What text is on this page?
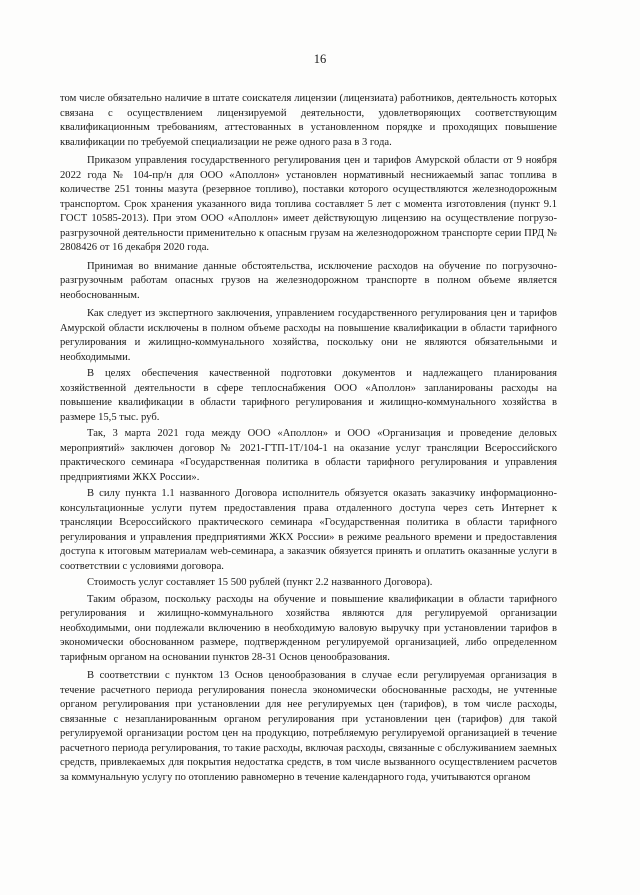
16

том числе обязательно наличие в штате соискателя лицензии (лицензиата) работников, деятельность которых связана с осуществлением лицензируемой деятельности, удовлетворяющих соответствующим квалификационным требованиям, аттестованных в установленном порядке и проходящих повышение квалификации по требуемой специализации не реже одного раза в 3 года.

Приказом управления государственного регулирования цен и тарифов Амурской области от 9 ноября 2022 года № 104-пр/н для ООО «Аполлон» установлен нормативный неснижаемый запас топлива в количестве 251 тонны мазута (резервное топливо), поставки которого осуществляются железнодорожным транспортом. Срок хранения указанного вида топлива составляет 5 лет с момента изготовления (пункт 9.1 ГОСТ 10585-2013). При этом ООО «Аполлон» имеет действующую лицензию на осуществление погрузо-разгрузочной деятельности применительно к опасным грузам на железнодорожном транспорте серии ПРД № 2808426 от 16 декабря 2020 года.

Принимая во внимание данные обстоятельства, исключение расходов на обучение по погрузочно-разгрузочным работам опасных грузов на железнодорожном транспорте в полном объеме является необоснованным.

Как следует из экспертного заключения, управлением государственного регулирования цен и тарифов Амурской области исключены в полном объеме расходы на повышение квалификации в области тарифного регулирования и жилищно-коммунального хозяйства, поскольку они не являются обязательными и необходимыми.

В целях обеспечения качественной подготовки документов и надлежащего планирования хозяйственной деятельности в сфере теплоснабжения ООО «Аполлон» запланированы расходы на повышение квалификации в области тарифного регулирования и жилищно-коммунального хозяйства в размере 15,5 тыс. руб.

Так, 3 марта 2021 года между ООО «Аполлон» и ООО «Организация и проведение деловых мероприятий» заключен договор № 2021-ГТП-1Т/104-1 на оказание услуг трансляции Всероссийского практического семинара «Государственная политика в области тарифного регулирования и управления предприятиями ЖКХ России».

В силу пункта 1.1 названного Договора исполнитель обязуется оказать заказчику информационно-консультационные услуги путем предоставления права отдаленного доступа через сеть Интернет к трансляции Всероссийского практического семинара «Государственная политика в области тарифного регулирования и управления предприятиями ЖКХ России» в режиме реального времени и предоставления доступа к итоговым материалам web-семинара, а заказчик обязуется принять и оплатить оказанные услуги в соответствии с условиями договора.

Стоимость услуг составляет 15 500 рублей (пункт 2.2 названного Договора).

Таким образом, поскольку расходы на обучение и повышение квалификации в области тарифного регулирования и жилищно-коммунального хозяйства являются для регулируемой организации необходимыми, они подлежали включению в необходимую валовую выручку при установлении тарифов в экономически обоснованном размере, подтвержденном регулируемой организацией, либо определенном тарифным органом на основании пунктов 28-31 Основ ценообразования.

В соответствии с пунктом 13 Основ ценообразования в случае если регулируемая организация в течение расчетного периода регулирования понесла экономически обоснованные расходы, не учтенные органом регулирования при установлении для нее регулируемых цен (тарифов), в том числе расходы, связанные с незапланированным органом регулирования при установлении цен (тарифов) для такой регулируемой организации ростом цен на продукцию, потребляемую регулируемой организацией в течение расчетного периода регулирования, то такие расходы, включая расходы, связанные с обслуживанием заемных средств, привлекаемых для покрытия недостатка средств, в том числе вызванного осуществлением расчетов за коммунальную услугу по отоплению равномерно в течение календарного года, учитываются органом
